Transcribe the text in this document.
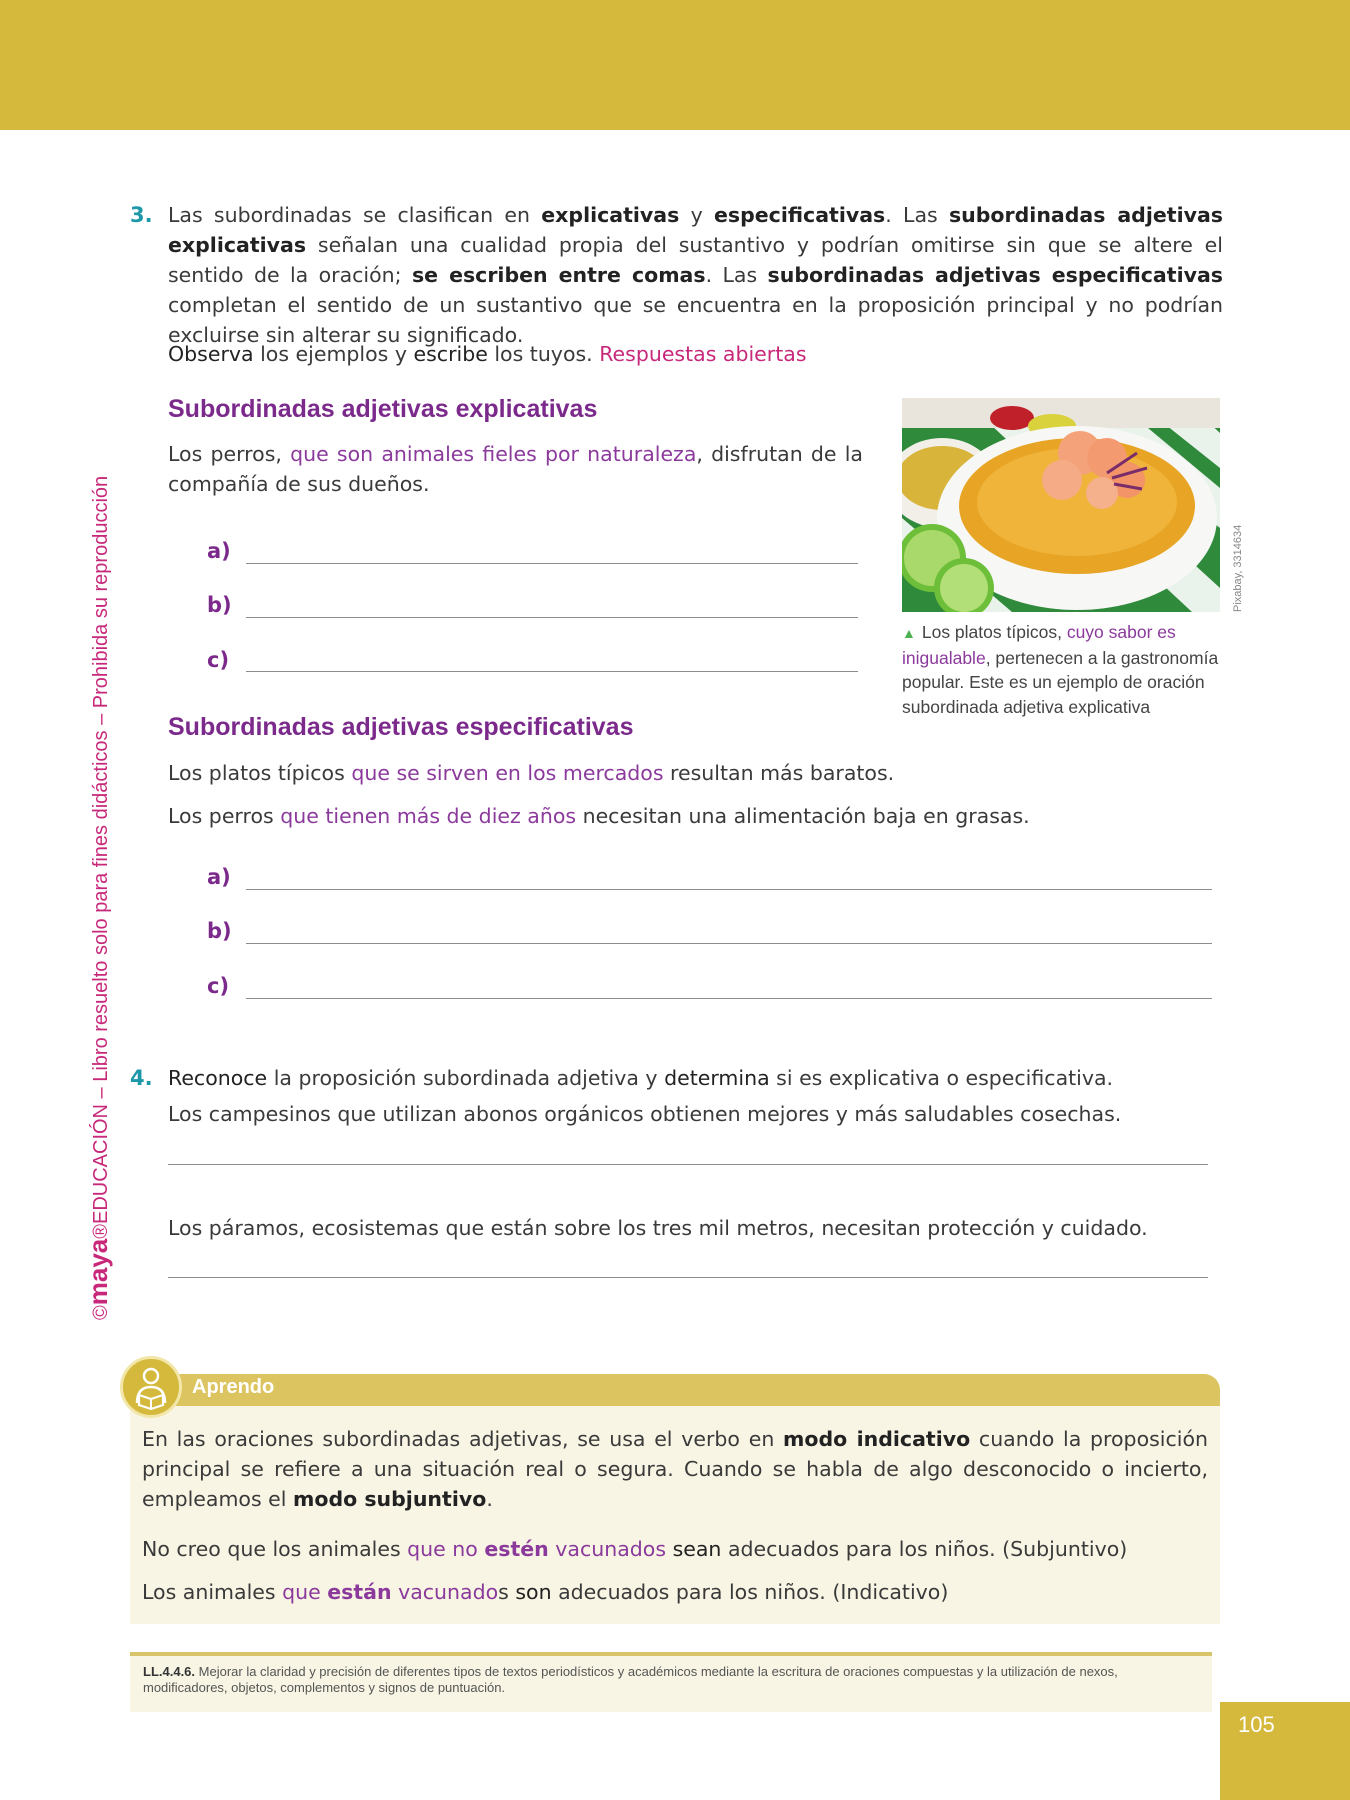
©maya®EDUCACIÓN – Libro resuelto solo para fines didácticos – Prohibida su reproducción
3. Las subordinadas se clasifican en explicativas y especificativas. Las subordinadas adjetivas explicativas señalan una cualidad propia del sustantivo y podrían omitirse sin que se altere el sentido de la oración; se escriben entre comas. Las subordinadas adjetivas especificativas completan el sentido de un sustantivo que se encuentra en la proposición principal y no podrían excluirse sin alterar su significado.
Observa los ejemplos y escribe los tuyos. Respuestas abiertas
Subordinadas adjetivas explicativas
Los perros, que son animales fieles por naturaleza, disfrutan de la compañía de sus dueños.
a)
b)
c)
Pixabay, 3314634
▲ Los platos típicos, cuyo sabor es inigualable, pertenecen a la gastronomía popular. Este es un ejemplo de oración subordinada adjetiva explicativa
Subordinadas adjetivas especificativas
Los platos típicos que se sirven en los mercados resultan más baratos.
Los perros que tienen más de diez años necesitan una alimentación baja en grasas.
a)
b)
c)
4. Reconoce la proposición subordinada adjetiva y determina si es explicativa o especificativa.
Los campesinos que utilizan abonos orgánicos obtienen mejores y más saludables cosechas.
Los páramos, ecosistemas que están sobre los tres mil metros, necesitan protección y cuidado.
Aprendo
En las oraciones subordinadas adjetivas, se usa el verbo en modo indicativo cuando la proposición principal se refiere a una situación real o segura. Cuando se habla de algo desconocido o incierto, empleamos el modo subjuntivo.
No creo que los animales que no estén vacunados sean adecuados para los niños. (Subjuntivo)
Los animales que están vacunados son adecuados para los niños. (Indicativo)
LL.4.4.6. Mejorar la claridad y precisión de diferentes tipos de textos periodísticos y académicos mediante la escritura de oraciones compuestas y la utilización de nexos, modificadores, objetos, complementos y signos de puntuación.
105
